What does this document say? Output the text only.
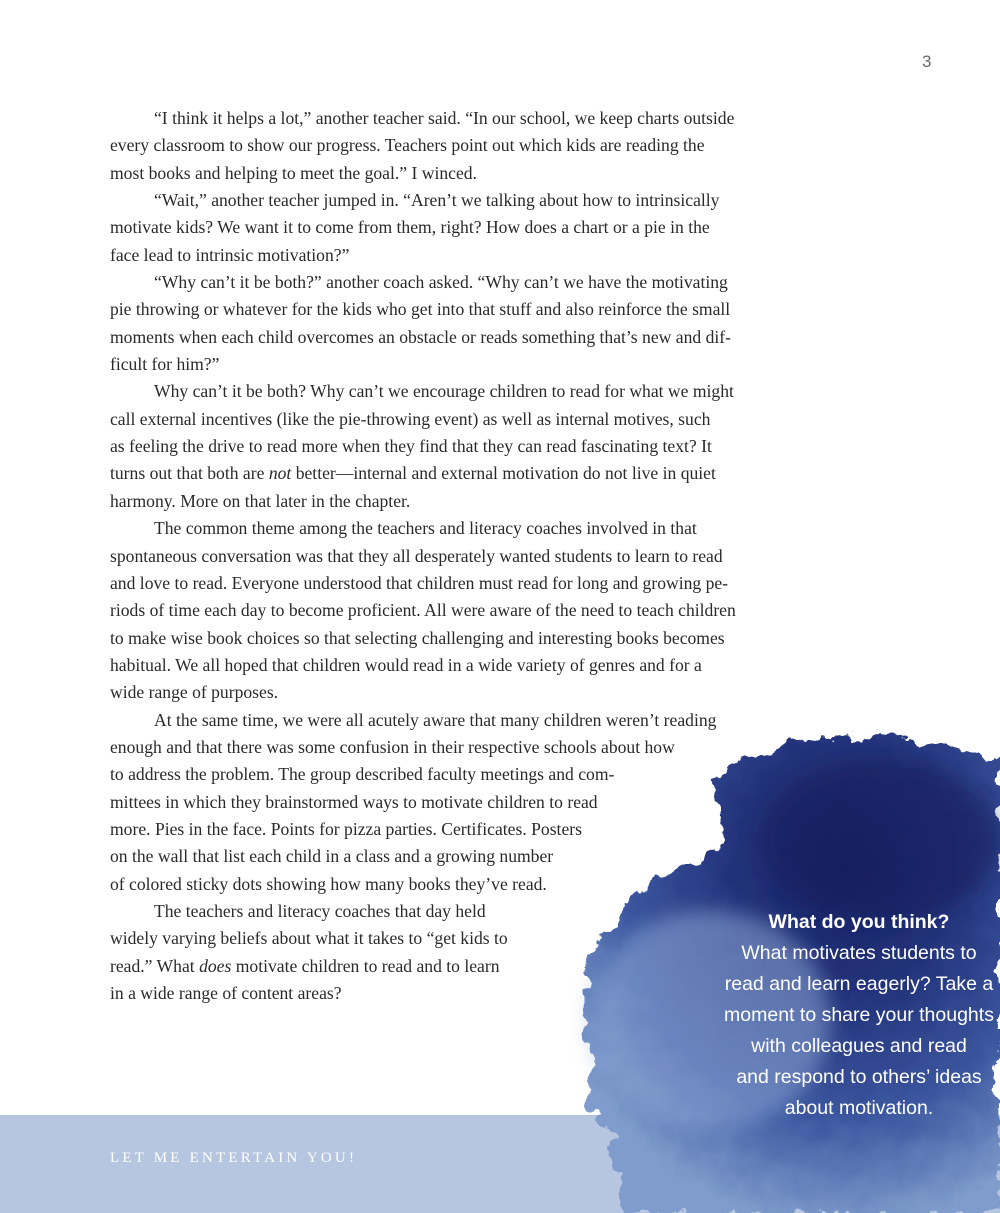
3
“I think it helps a lot,” another teacher said. “In our school, we keep charts outside
every classroom to show our progress. Teachers point out which kids are reading the
most books and helping to meet the goal.” I winced.
“Wait,” another teacher jumped in. “Aren’t we talking about how to intrinsically
motivate kids? We want it to come from them, right? How does a chart or a pie in the
face lead to intrinsic motivation?”
“Why can’t it be both?” another coach asked. “Why can’t we have the motivating
pie throwing or whatever for the kids who get into that stuff and also reinforce the small
moments when each child overcomes an obstacle or reads something that’s new and dif-
ficult for him?”
Why can’t it be both? Why can’t we encourage children to read for what we might
call external incentives (like the pie-throwing event) as well as internal motives, such
as feeling the drive to read more when they find that they can read fascinating text? It
turns out that both are not better—internal and external motivation do not live in quiet
harmony. More on that later in the chapter.
The common theme among the teachers and literacy coaches involved in that
spontaneous conversation was that they all desperately wanted students to learn to read
and love to read. Everyone understood that children must read for long and growing pe-
riods of time each day to become proficient. All were aware of the need to teach children
to make wise book choices so that selecting challenging and interesting books becomes
habitual. We all hoped that children would read in a wide variety of genres and for a
wide range of purposes.
At the same time, we were all acutely aware that many children weren’t reading
enough and that there was some confusion in their respective schools about how
to address the problem. The group described faculty meetings and com-
mittees in which they brainstormed ways to motivate children to read
more. Pies in the face. Points for pizza parties. Certificates. Posters
on the wall that list each child in a class and a growing number
of colored sticky dots showing how many books they’ve read.
The teachers and literacy coaches that day held
widely varying beliefs about what it takes to “get kids to
read.” What does motivate children to read and to learn
in a wide range of content areas?
What do you think?
What motivates students to
read and learn eagerly? Take a
moment to share your thoughts
with colleagues and read
and respond to others’ ideas
about motivation.
LET ME ENTERTAIN YOU!
